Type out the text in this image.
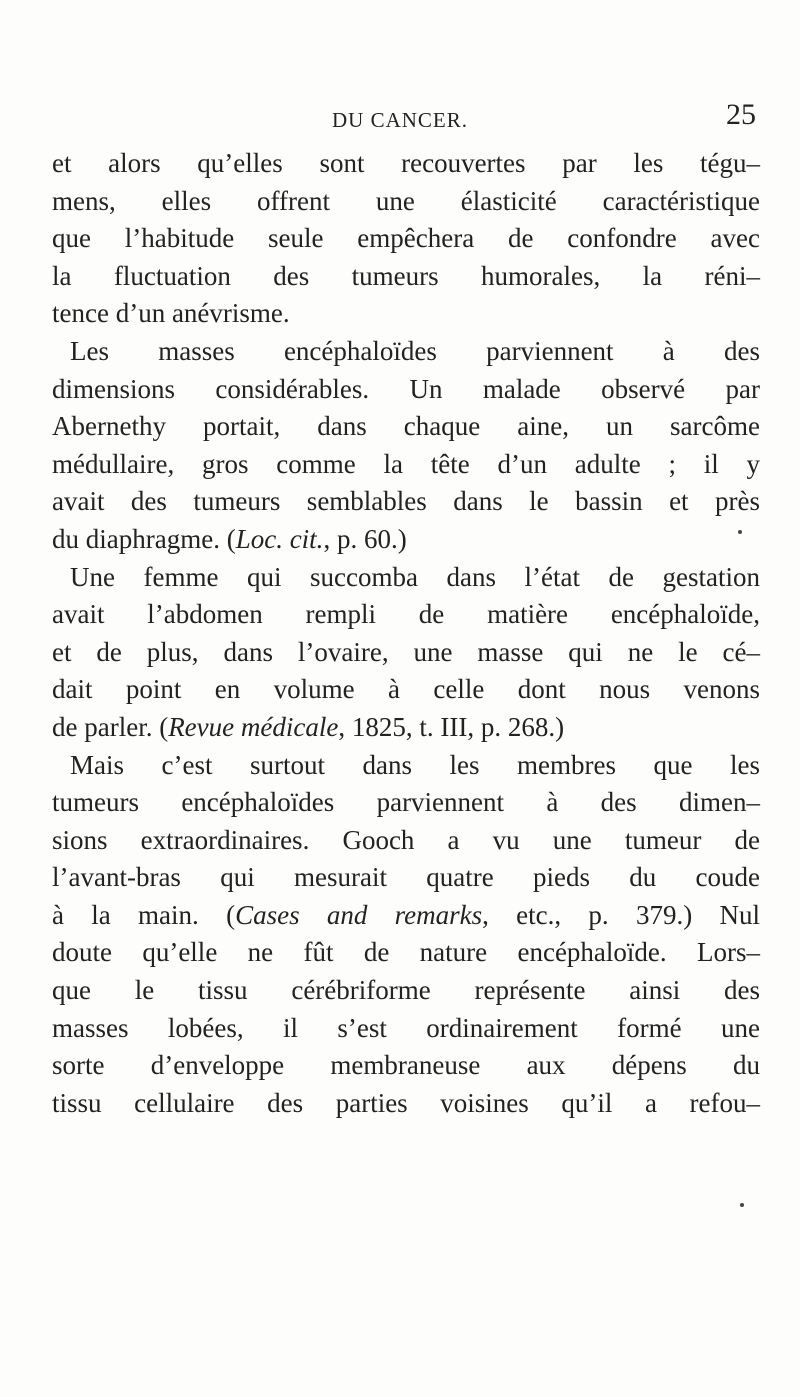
DU CANCER.	25
et alors qu’elles sont recouvertes par les tégu–
mens, elles offrent une élasticité caractéristique
que l’habitude seule empêchera de confondre avec
la fluctuation des tumeurs humorales, la réni–
tence d’un anévrisme.
Les masses encéphaloïdes parviennent à des
dimensions considérables. Un malade observé par
Abernethy portait, dans chaque aine, un sarcôme
médullaire, gros comme la tête d’un adulte ; il y
avait des tumeurs semblables dans le bassin et près
du diaphragme. (Loc. cit., p. 60.)
Une femme qui succomba dans l’état de gestation
avait l’abdomen rempli de matière encéphaloïde,
et de plus, dans l’ovaire, une masse qui ne le cé–
dait point en volume à celle dont nous venons
de parler. (Revue médicale, 1825, t. III, p. 268.)
Mais c’est surtout dans les membres que les
tumeurs encéphaloïdes parviennent à des dimen–
sions extraordinaires. Gooch a vu une tumeur de
l’avant-bras qui mesurait quatre pieds du coude
à la main. (Cases and remarks, etc., p. 379.) Nul
doute qu’elle ne fût de nature encéphaloïde. Lors–
que le tissu cérébriforme représente ainsi des
masses lobées, il s’est ordinairement formé une
sorte d’enveloppe membraneuse aux dépens du
tissu cellulaire des parties voisines qu’il a refou–
